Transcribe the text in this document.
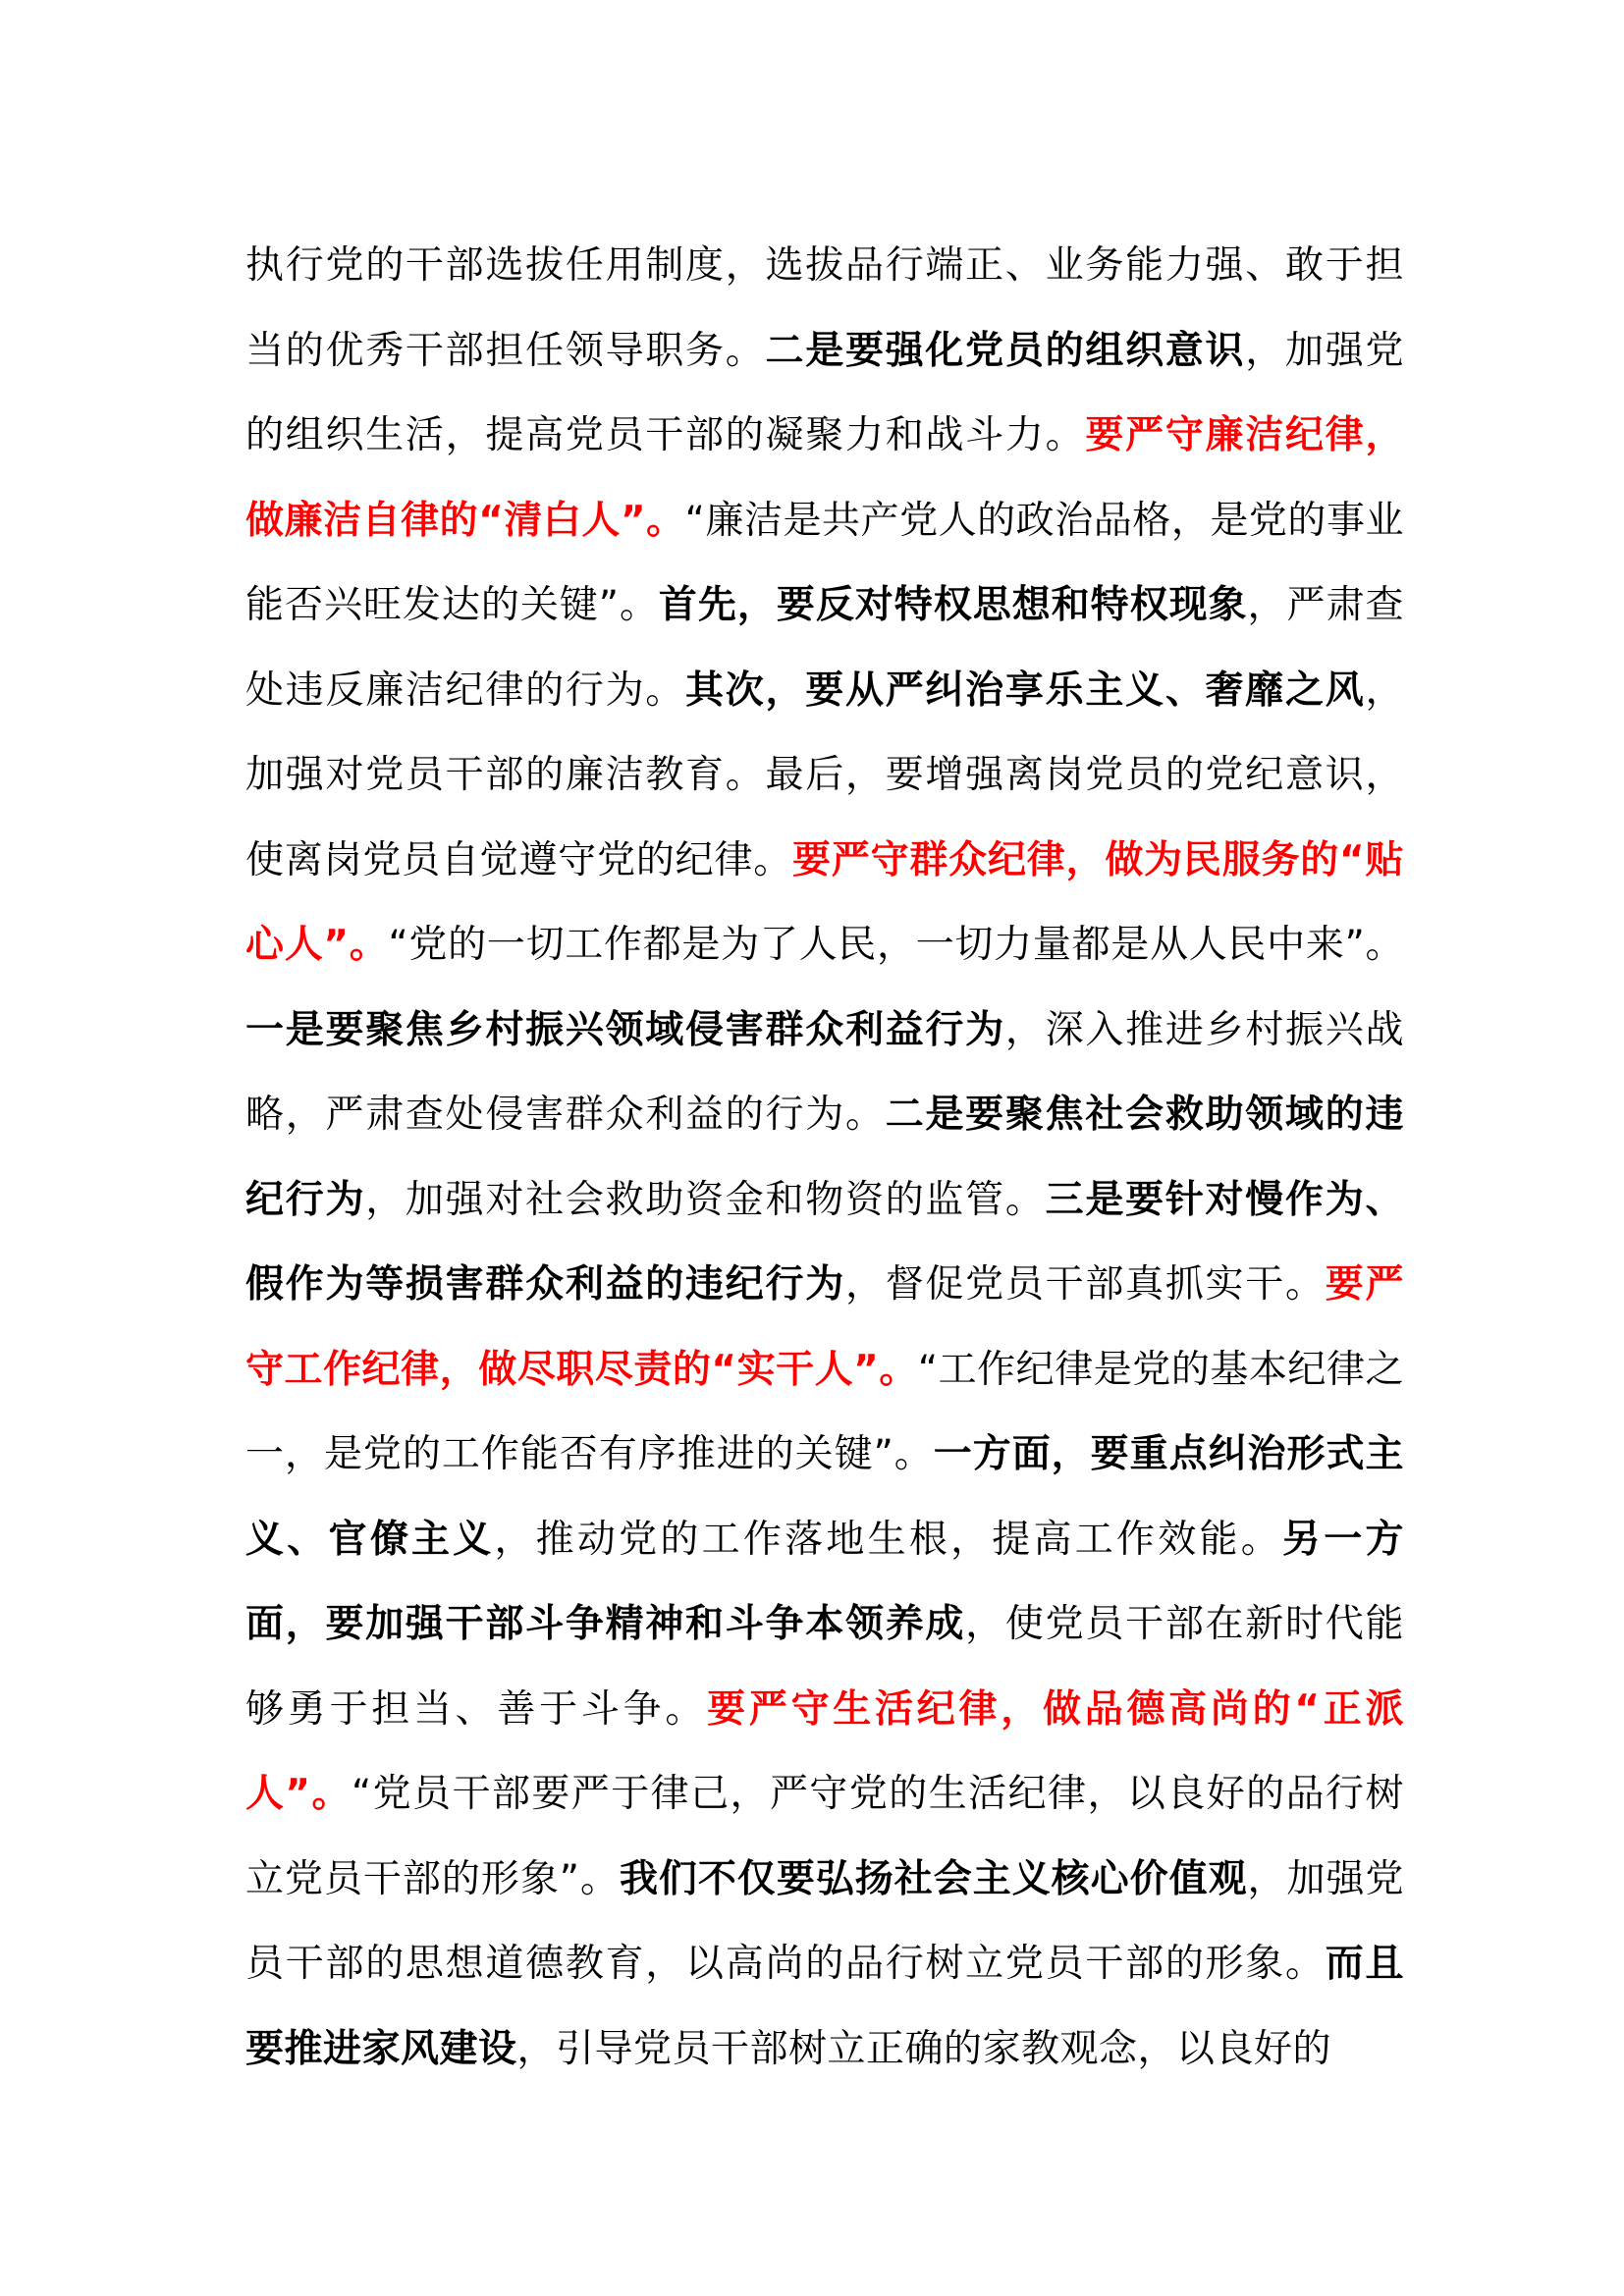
执行党的干部选拔任用制度，选拔品行端正、业务能力强、敢于担当的优秀干部担任领导职务。二是要强化党员的组织意识，加强党的组织生活，提高党员干部的凝聚力和战斗力。要严守廉洁纪律，做廉洁自律的“清白人”。“廉洁是共产党人的政治品格，是党的事业能否兴旺发达的关键”。首先，要反对特权思想和特权现象，严肃查处违反廉洁纪律的行为。其次，要从严纠治享乐主义、奢靡之风，加强对党员干部的廉洁教育。最后，要增强离岗党员的党纪意识，使离岗党员自觉遵守党的纪律。要严守群众纪律，做为民服务的“贴心人”。“党的一切工作都是为了人民，一切力量都是从人民中来”。一是要聚焦乡村振兴领域侵害群众利益行为，深入推进乡村振兴战略，严肃查处侵害群众利益的行为。二是要聚焦社会救助领域的违纪行为，加强对社会救助资金和物资的监管。三是要针对慢作为、假作为等损害群众利益的违纪行为，督促党员干部真抓实干。要严守工作纪律，做尽职尽责的“实干人”。“工作纪律是党的基本纪律之一，是党的工作能否有序推进的关键”。一方面，要重点纠治形式主义、官僚主义，推动党的工作落地生根，提高工作效能。另一方面，要加强干部斗争精神和斗争本领养成，使党员干部在新时代能够勇于担当、善于斗争。要严守生活纪律，做品德高尚的“正派人”。“党员干部要严于律己，严守党的生活纪律，以良好的品行树立党员干部的形象”。我们不仅要弘扬社会主义核心价值观，加强党员干部的思想道德教育，以高尚的品行树立党员干部的形象。而且要推进家风建设，引导党员干部树立正确的家教观念，以良好的
